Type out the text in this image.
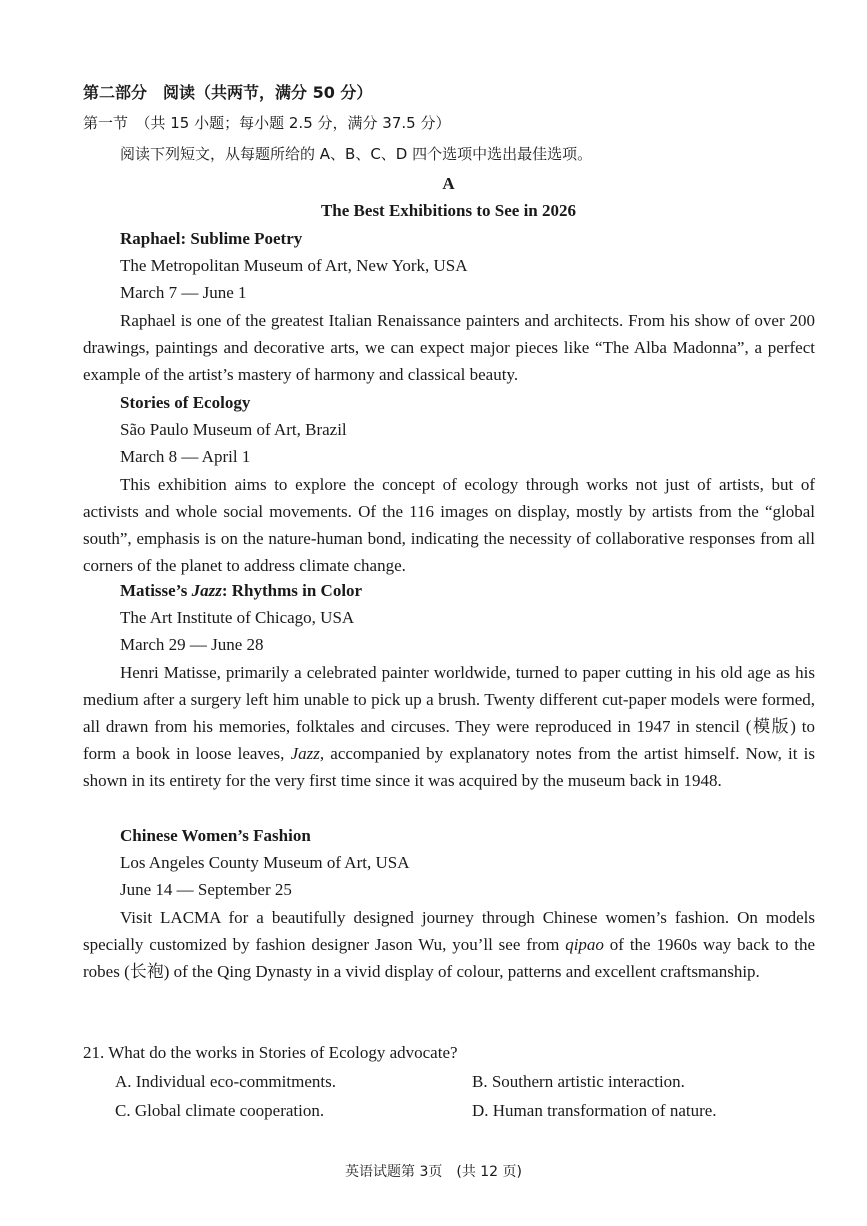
第二部分　阅读（共两节，满分 50 分）
第一节　（共 15 小题；每小题 2.5 分，满分 37.5 分）
阅读下列短文，从每题所给的 A、B、C、D 四个选项中选出最佳选项。
A
The Best Exhibitions to See in 2026
Raphael: Sublime Poetry
The Metropolitan Museum of Art, New York, USA
March 7 — June 1
Raphael is one of the greatest Italian Renaissance painters and architects. From his show of over 200 drawings, paintings and decorative arts, we can expect major pieces like “The Alba Madonna”, a perfect example of the artist’s mastery of harmony and classical beauty.
Stories of Ecology
São Paulo Museum of Art, Brazil
March 8 — April 1
This exhibition aims to explore the concept of ecology through works not just of artists, but of activists and whole social movements. Of the 116 images on display, mostly by artists from the “global south”, emphasis is on the nature-human bond, indicating the necessity of collaborative responses from all corners of the planet to address climate change.
Matisse’s Jazz: Rhythms in Color
The Art Institute of Chicago, USA
March 29 — June 28
Henri Matisse, primarily a celebrated painter worldwide, turned to paper cutting in his old age as his medium after a surgery left him unable to pick up a brush. Twenty different cut-paper models were formed, all drawn from his memories, folktales and circuses. They were reproduced in 1947 in stencil (模版) to form a book in loose leaves, Jazz, accompanied by explanatory notes from the artist himself. Now, it is shown in its entirety for the very first time since it was acquired by the museum back in 1948.
Chinese Women’s Fashion
Los Angeles County Museum of Art, USA
June 14 — September 25
Visit LACMA for a beautifully designed journey through Chinese women’s fashion. On models specially customized by fashion designer Jason Wu, you’ll see from qipao of the 1960s way back to the robes (长袍) of the Qing Dynasty in a vivid display of colour, patterns and excellent craftsmanship.
21. What do the works in Stories of Ecology advocate?
A. Individual eco-commitments.	B. Southern artistic interaction.
C. Global climate cooperation.	D. Human transformation of nature.
英语试题第 3页　(共 12 页)
